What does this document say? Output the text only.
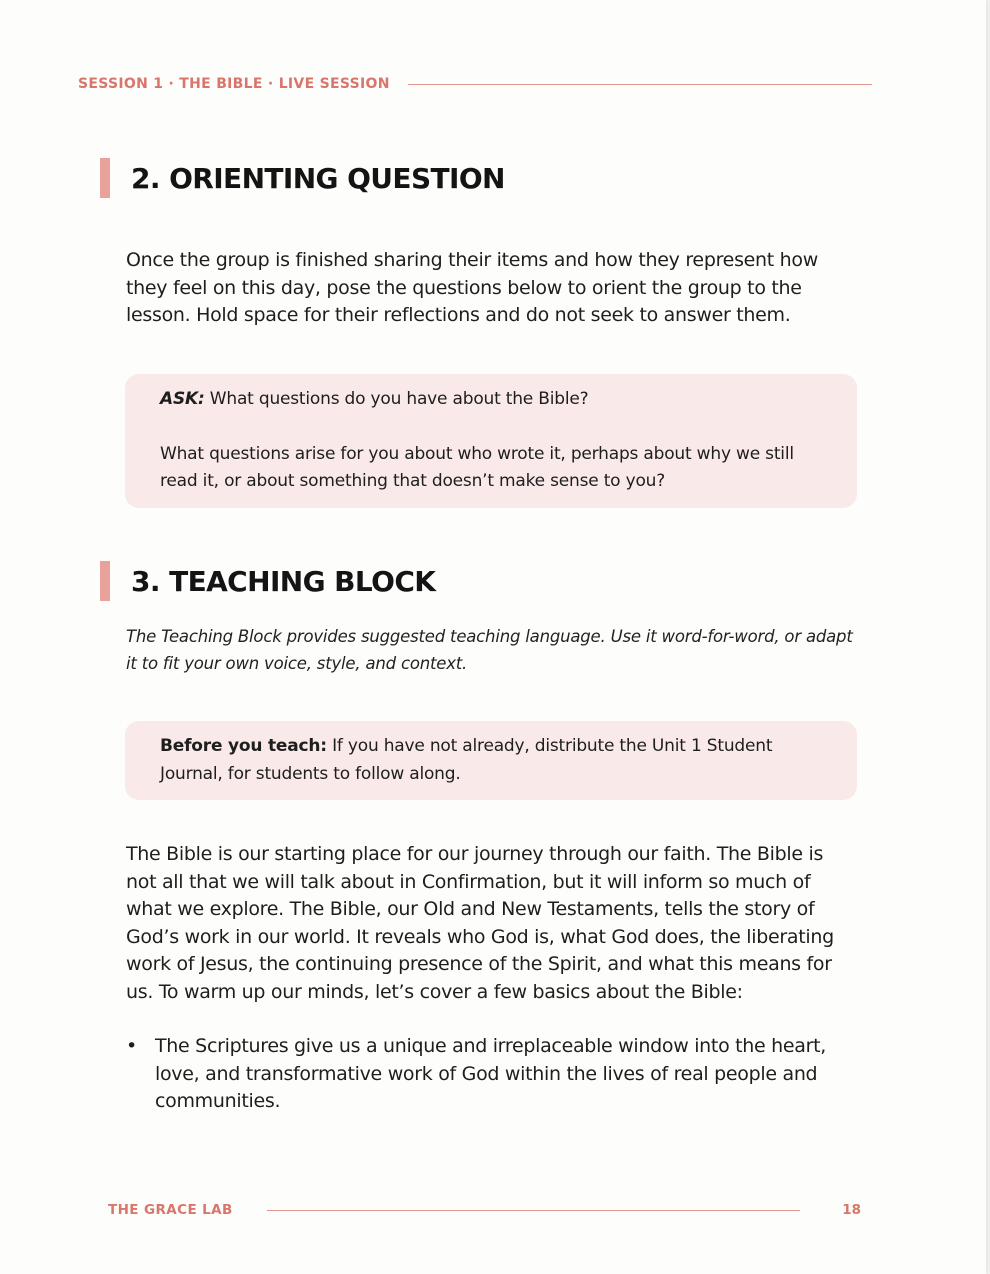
SESSION 1 · THE BIBLE · LIVE SESSION
2. ORIENTING QUESTION

Once the group is finished sharing their items and how they represent how they feel on this day, pose the questions below to orient the group to the lesson. Hold space for their reflections and do not seek to answer them.

ASK: What questions do you have about the Bible?

What questions arise for you about who wrote it, perhaps about why we still read it, or about something that doesn’t make sense to you?

3. TEACHING BLOCK

The Teaching Block provides suggested teaching language. Use it word-for-word, or adapt it to fit your own voice, style, and context.

Before you teach: If you have not already, distribute the Unit 1 Student Journal, for students to follow along.

The Bible is our starting place for our journey through our faith. The Bible is not all that we will talk about in Confirmation, but it will inform so much of what we explore. The Bible, our Old and New Testaments, tells the story of God’s work in our world. It reveals who God is, what God does, the liberating work of Jesus, the continuing presence of the Spirit, and what this means for us. To warm up our minds, let’s cover a few basics about the Bible:

• The Scriptures give us a unique and irreplaceable window into the heart, love, and transformative work of God within the lives of real people and communities.
THE GRACE LAB	18
